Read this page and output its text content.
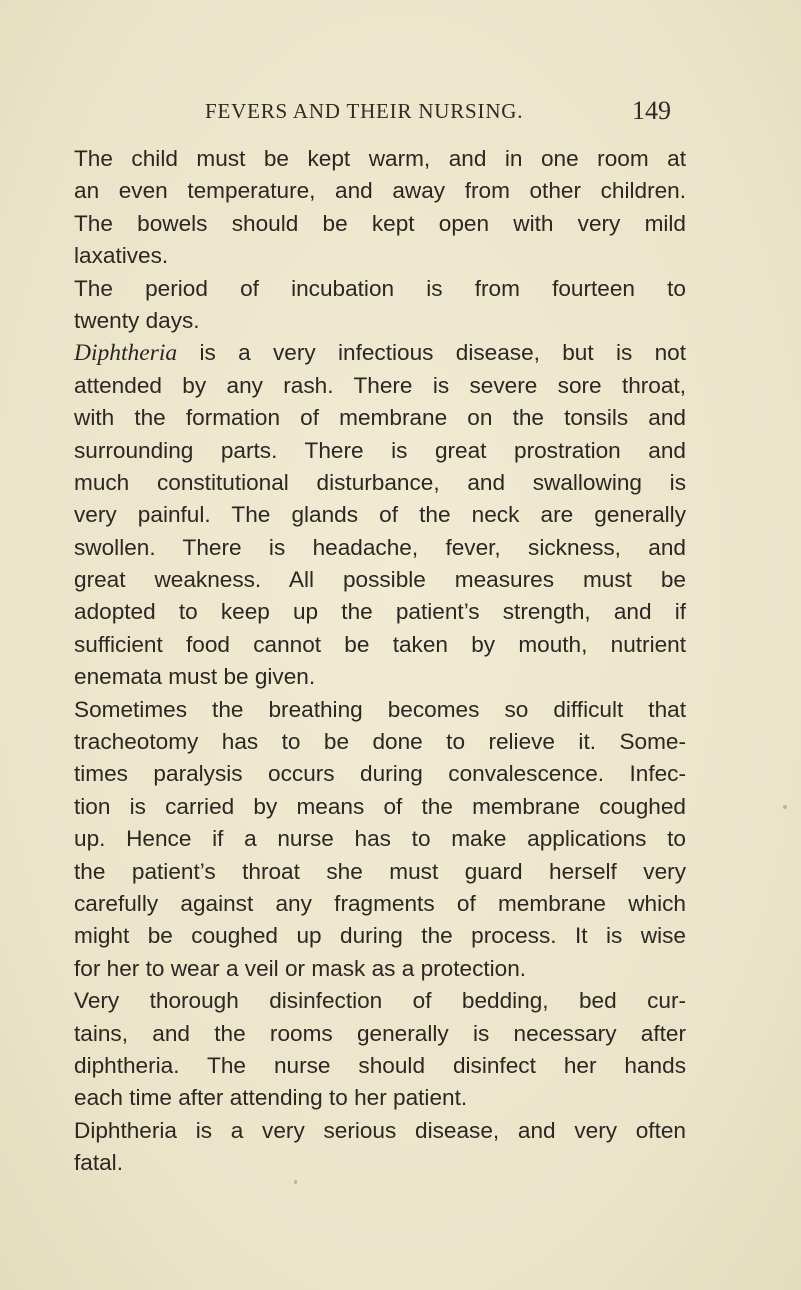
FEVERS AND THEIR NURSING.	149
The child must be kept warm, and in one room at
an even temperature, and away from other children.
The bowels should be kept open with very mild
laxatives.
The period of incubation is from fourteen to
twenty days.
Diphtheria is a very infectious disease, but is not
attended by any rash. There is severe sore throat,
with the formation of membrane on the tonsils and
surrounding parts. There is great prostration and
much constitutional disturbance, and swallowing is
very painful. The glands of the neck are generally
swollen. There is headache, fever, sickness, and
great weakness. All possible measures must be
adopted to keep up the patient’s strength, and if
sufficient food cannot be taken by mouth, nutrient
enemata must be given.
Sometimes the breathing becomes so difficult that
tracheotomy has to be done to relieve it. Some-
times paralysis occurs during convalescence. Infec-
tion is carried by means of the membrane coughed
up. Hence if a nurse has to make applications to
the patient’s throat she must guard herself very
carefully against any fragments of membrane which
might be coughed up during the process. It is wise
for her to wear a veil or mask as a protection.
Very thorough disinfection of bedding, bed cur-
tains, and the rooms generally is necessary after
diphtheria. The nurse should disinfect her hands
each time after attending to her patient.
Diphtheria is a very serious disease, and very often
fatal.
